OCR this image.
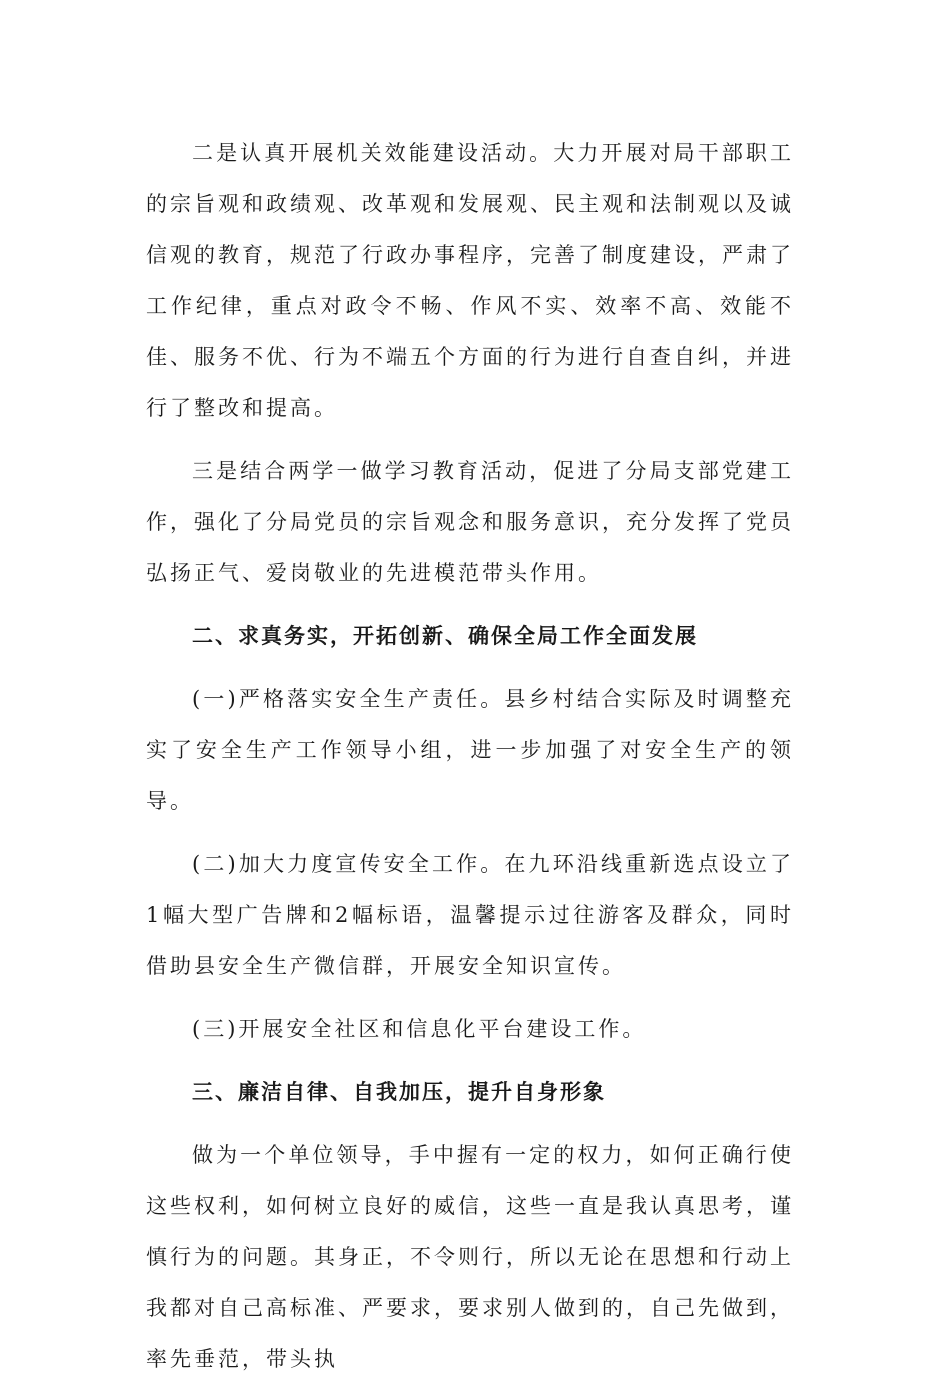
二是认真开展机关效能建设活动。大力开展对局干部职工的宗旨观和政绩观、改革观和发展观、民主观和法制观以及诚信观的教育，规范了行政办事程序，完善了制度建设，严肃了工作纪律，重点对政令不畅、作风不实、效率不高、效能不佳、服务不优、行为不端五个方面的行为进行自查自纠，并进行了整改和提高。

三是结合两学一做学习教育活动，促进了分局支部党建工作，强化了分局党员的宗旨观念和服务意识，充分发挥了党员弘扬正气、爱岗敬业的先进模范带头作用。

二、求真务实，开拓创新、确保全局工作全面发展

(一)严格落实安全生产责任。县乡村结合实际及时调整充实了安全生产工作领导小组，进一步加强了对安全生产的领导。

(二)加大力度宣传安全工作。在九环沿线重新选点设立了1幅大型广告牌和2幅标语，温馨提示过往游客及群众，同时借助县安全生产微信群，开展安全知识宣传。

(三)开展安全社区和信息化平台建设工作。

三、廉洁自律、自我加压，提升自身形象

做为一个单位领导，手中握有一定的权力，如何正确行使这些权利，如何树立良好的威信，这些一直是我认真思考，谨慎行为的问题。其身正，不令则行，所以无论在思想和行动上我都对自己高标准、严要求，要求别人做到的，自己先做到，率先垂范，带头执
